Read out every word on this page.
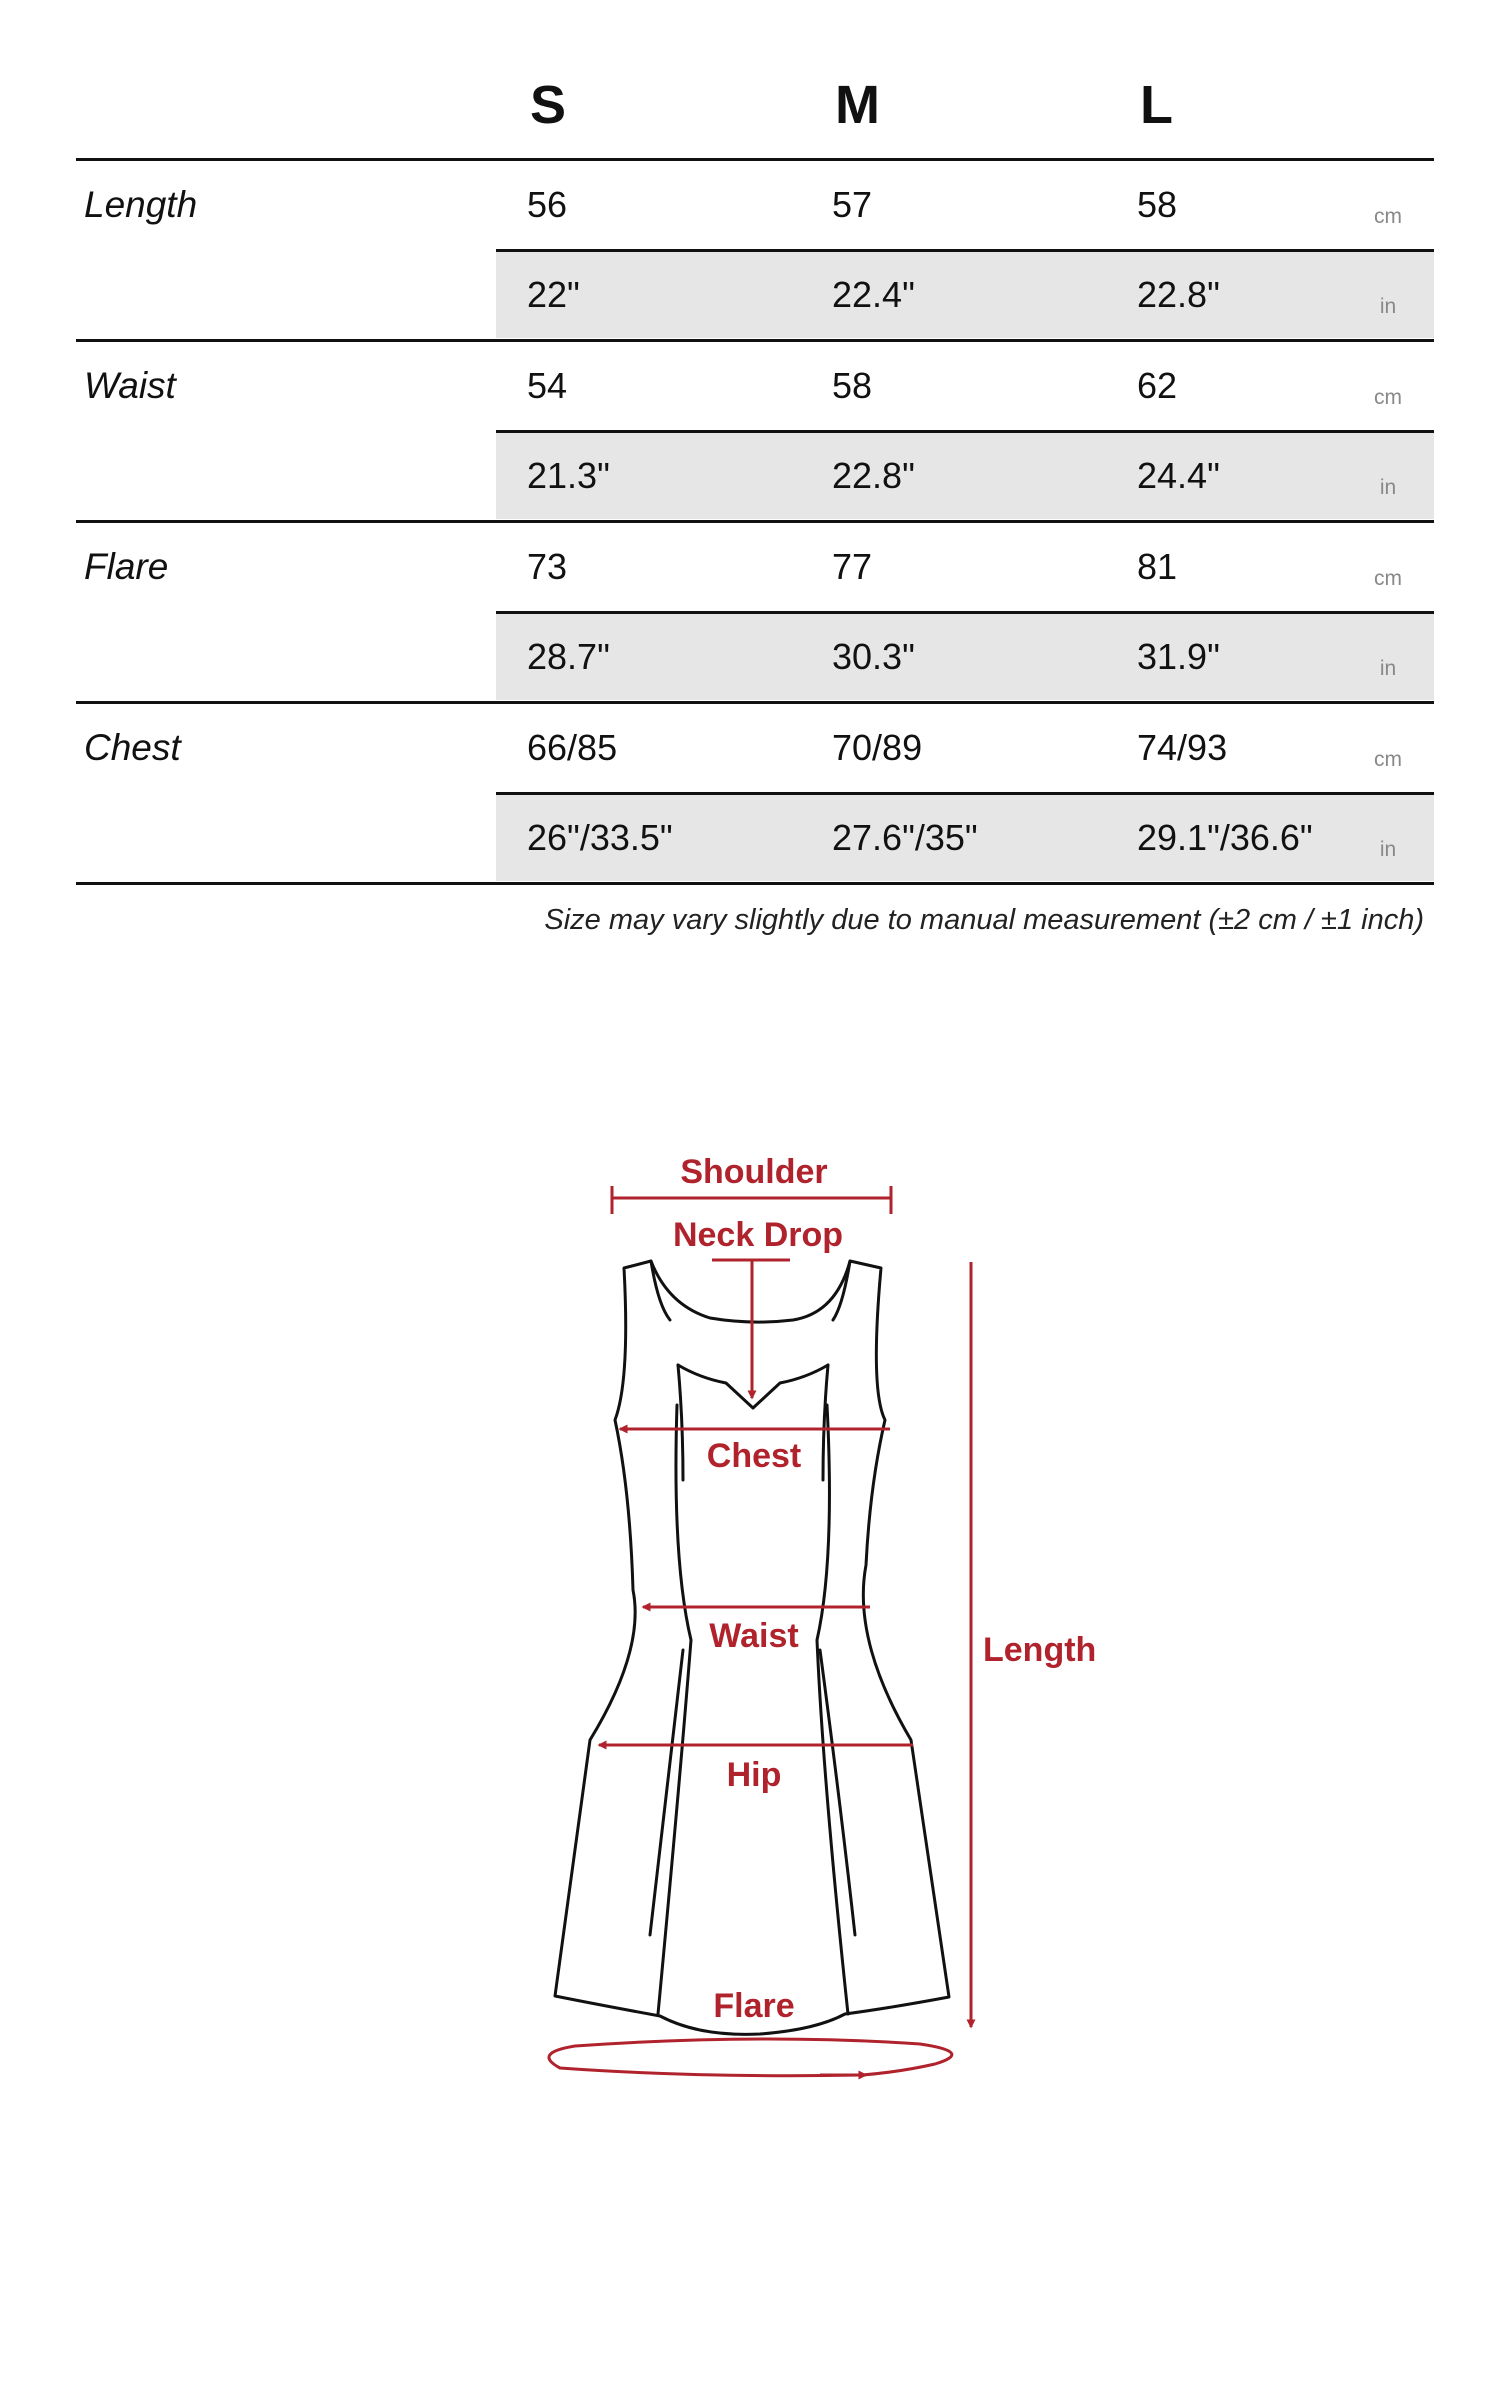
S	M	L
Length	56	57	58	cm
22"	22.4"	22.8"	in
Waist	54	58	62	cm
21.3"	22.8"	24.4"	in
Flare	73	77	81	cm
28.7"	30.3"	31.9"	in
Chest	66/85	70/89	74/93	cm
26"/33.5"	27.6"/35"	29.1"/36.6"	in
Size may vary slightly due to manual measurement (±2 cm / ±1 inch)
Shoulder
Neck Drop
Chest
Waist
Hip
Flare
Length
